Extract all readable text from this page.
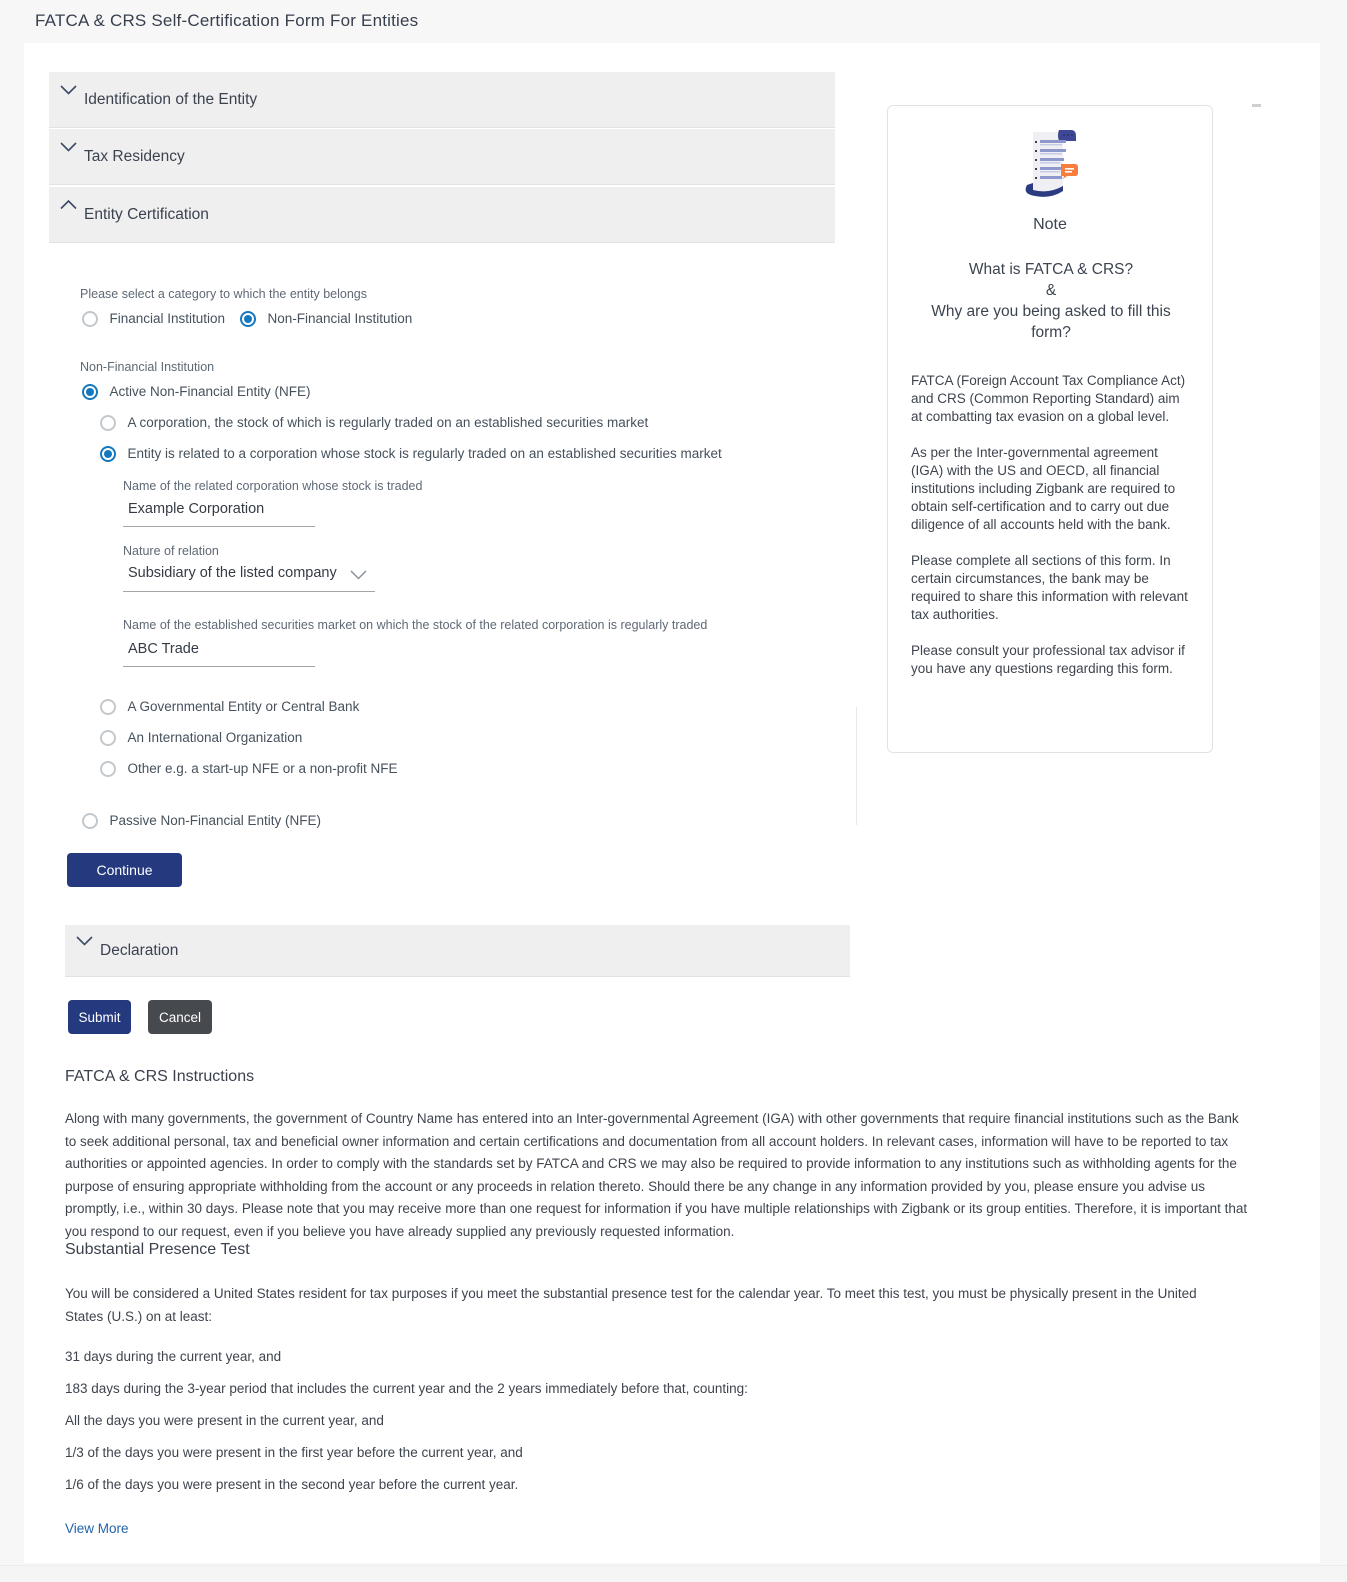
FATCA & CRS Self-Certification Form For Entities
Identification of the Entity
Tax Residency
Entity Certification
Please select a category to which the entity belongs
Financial Institution	Non-Financial Institution
Non-Financial Institution
Active Non-Financial Entity (NFE)
A corporation, the stock of which is regularly traded on an established securities market
Entity is related to a corporation whose stock is regularly traded on an established securities market
Name of the related corporation whose stock is traded
Example Corporation
Nature of relation
Subsidiary of the listed company
Name of the established securities market on which the stock of the related corporation is regularly traded
ABC Trade
A Governmental Entity or Central Bank
An International Organization
Other e.g. a start-up NFE or a non-profit NFE
Passive Non-Financial Entity (NFE)
Continue
Declaration
Submit	Cancel
Note
What is FATCA & CRS?
&
Why are you being asked to fill this form?

FATCA (Foreign Account Tax Compliance Act) and CRS (Common Reporting Standard) aim at combatting tax evasion on a global level.

As per the Inter-governmental agreement (IGA) with the US and OECD, all financial institutions including Zigbank are required to obtain self-certification and to carry out due diligence of all accounts held with the bank.

Please complete all sections of this form. In certain circumstances, the bank may be required to share this information with relevant tax authorities.

Please consult your professional tax advisor if you have any questions regarding this form.

FATCA & CRS Instructions
Along with many governments, the government of Country Name has entered into an Inter-governmental Agreement (IGA) with other governments that require financial institutions such as the Bank to seek additional personal, tax and beneficial owner information and certain certifications and documentation from all account holders. In relevant cases, information will have to be reported to tax authorities or appointed agencies. In order to comply with the standards set by FATCA and CRS we may also be required to provide information to any institutions such as withholding agents for the purpose of ensuring appropriate withholding from the account or any proceeds in relation thereto. Should there be any change in any information provided by you, please ensure you advise us promptly, i.e., within 30 days. Please note that you may receive more than one request for information if you have multiple relationships with Zigbank or its group entities. Therefore, it is important that you respond to our request, even if you believe you have already supplied any previously requested information.
Substantial Presence Test
You will be considered a United States resident for tax purposes if you meet the substantial presence test for the calendar year. To meet this test, you must be physically present in the United States (U.S.) on at least:
31 days during the current year, and
183 days during the 3-year period that includes the current year and the 2 years immediately before that, counting:
All the days you were present in the current year, and
1/3 of the days you were present in the first year before the current year, and
1/6 of the days you were present in the second year before the current year.
View More
